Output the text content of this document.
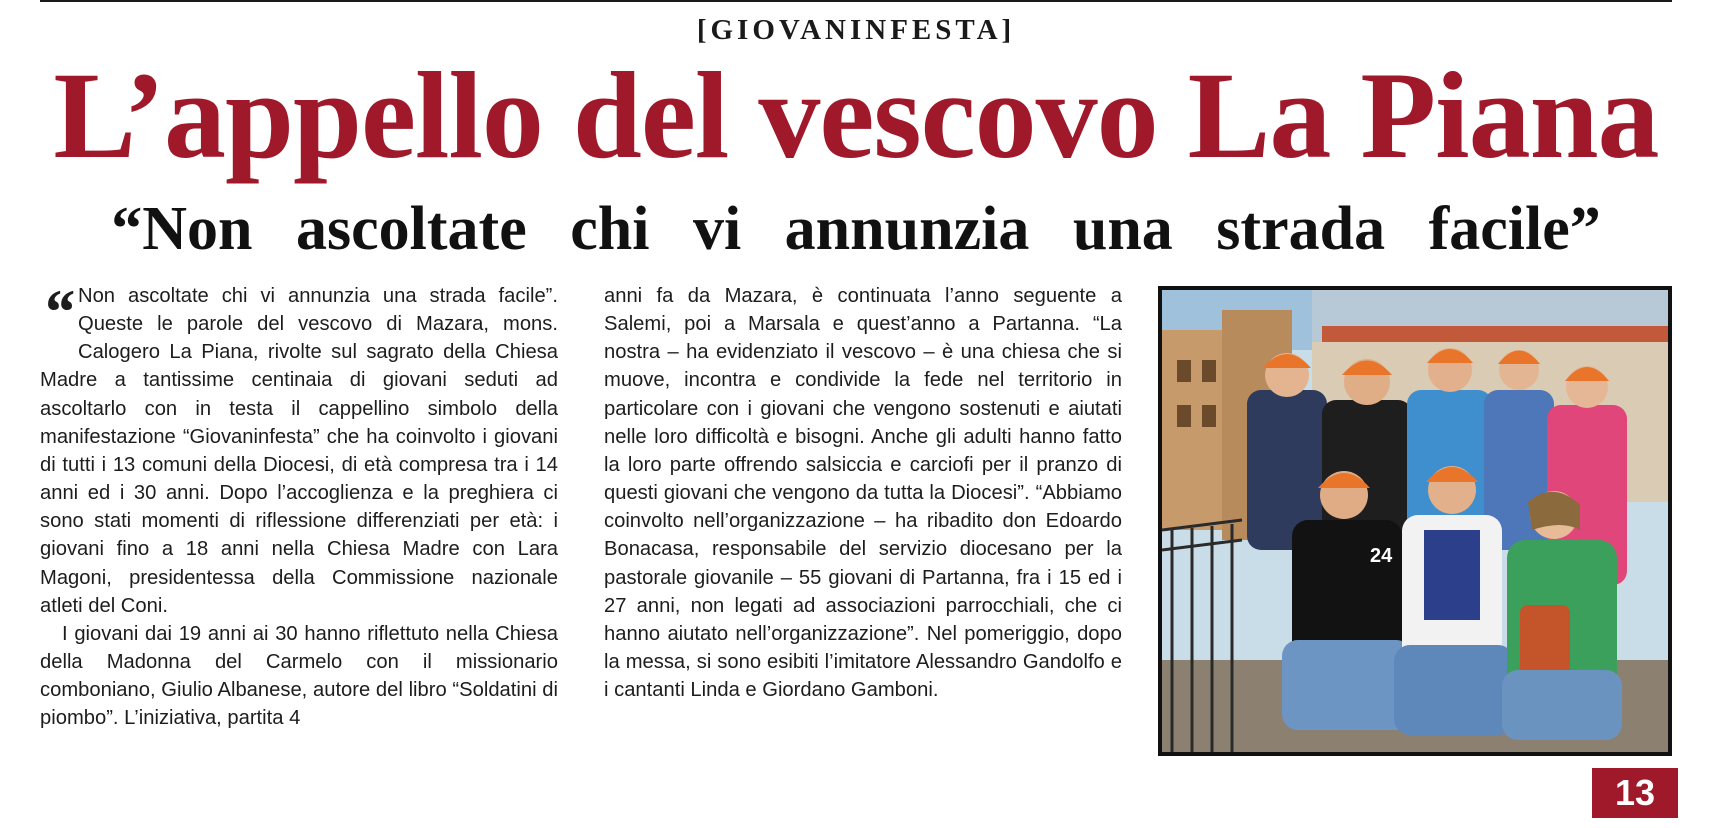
[GIOVANINFESTA]
L’appello del vescovo La Piana
“Non ascoltate chi vi annunzia una strada facile”
“ Non ascoltate chi vi annunzia una strada facile”. Queste le parole del vescovo di Mazara, mons. Calogero La Piana, rivolte sul sagrato della Chiesa Madre a tantissime centinaia di giovani seduti ad ascoltarlo con in testa il cappellino simbolo della manifestazione “Giovaninfesta” che ha coinvolto i giovani di tutti i 13 comuni della Diocesi, di età compresa tra i 14 anni ed i 30 anni. Dopo l’accoglienza e la preghiera ci sono stati momenti di riflessione differenziati per età: i giovani fino a 18 anni nella Chiesa Madre con Lara Magoni, presidentessa della Commissione nazionale atleti del Coni.

I giovani dai 19 anni ai 30 hanno riflettuto nella Chiesa della Madonna del Carmelo con il missionario comboniano, Giulio Albanese, autore del libro “Soldatini di piombo”. L’iniziativa, partita 4

anni fa da Mazara, è continuata l’anno seguente a Salemi, poi a Marsala e quest’anno a Partanna. “La nostra – ha evidenziato il vescovo – è una chiesa che si muove, incontra e condivide la fede nel territorio in particolare con i giovani che vengono sostenuti e aiutati nelle loro difficoltà e bisogni. Anche gli adulti hanno fatto la loro parte offrendo salsiccia e carciofi per il pranzo di questi giovani che vengono da tutta la Diocesi”. “Abbiamo coinvolto nell’organizzazione – ha ribadito don Edoardo Bonacasa, responsabile del servizio diocesano per la pastorale giovanile – 55 giovani di Partanna, fra i 15 ed i 27 anni, non legati ad associazioni parrocchiali, che ci hanno aiutato nell’organizzazione”. Nel pomeriggio, dopo la messa, si sono esibiti l’imitatore Alessandro Gandolfo e i cantanti Linda e Giordano Gamboni.

24
13
